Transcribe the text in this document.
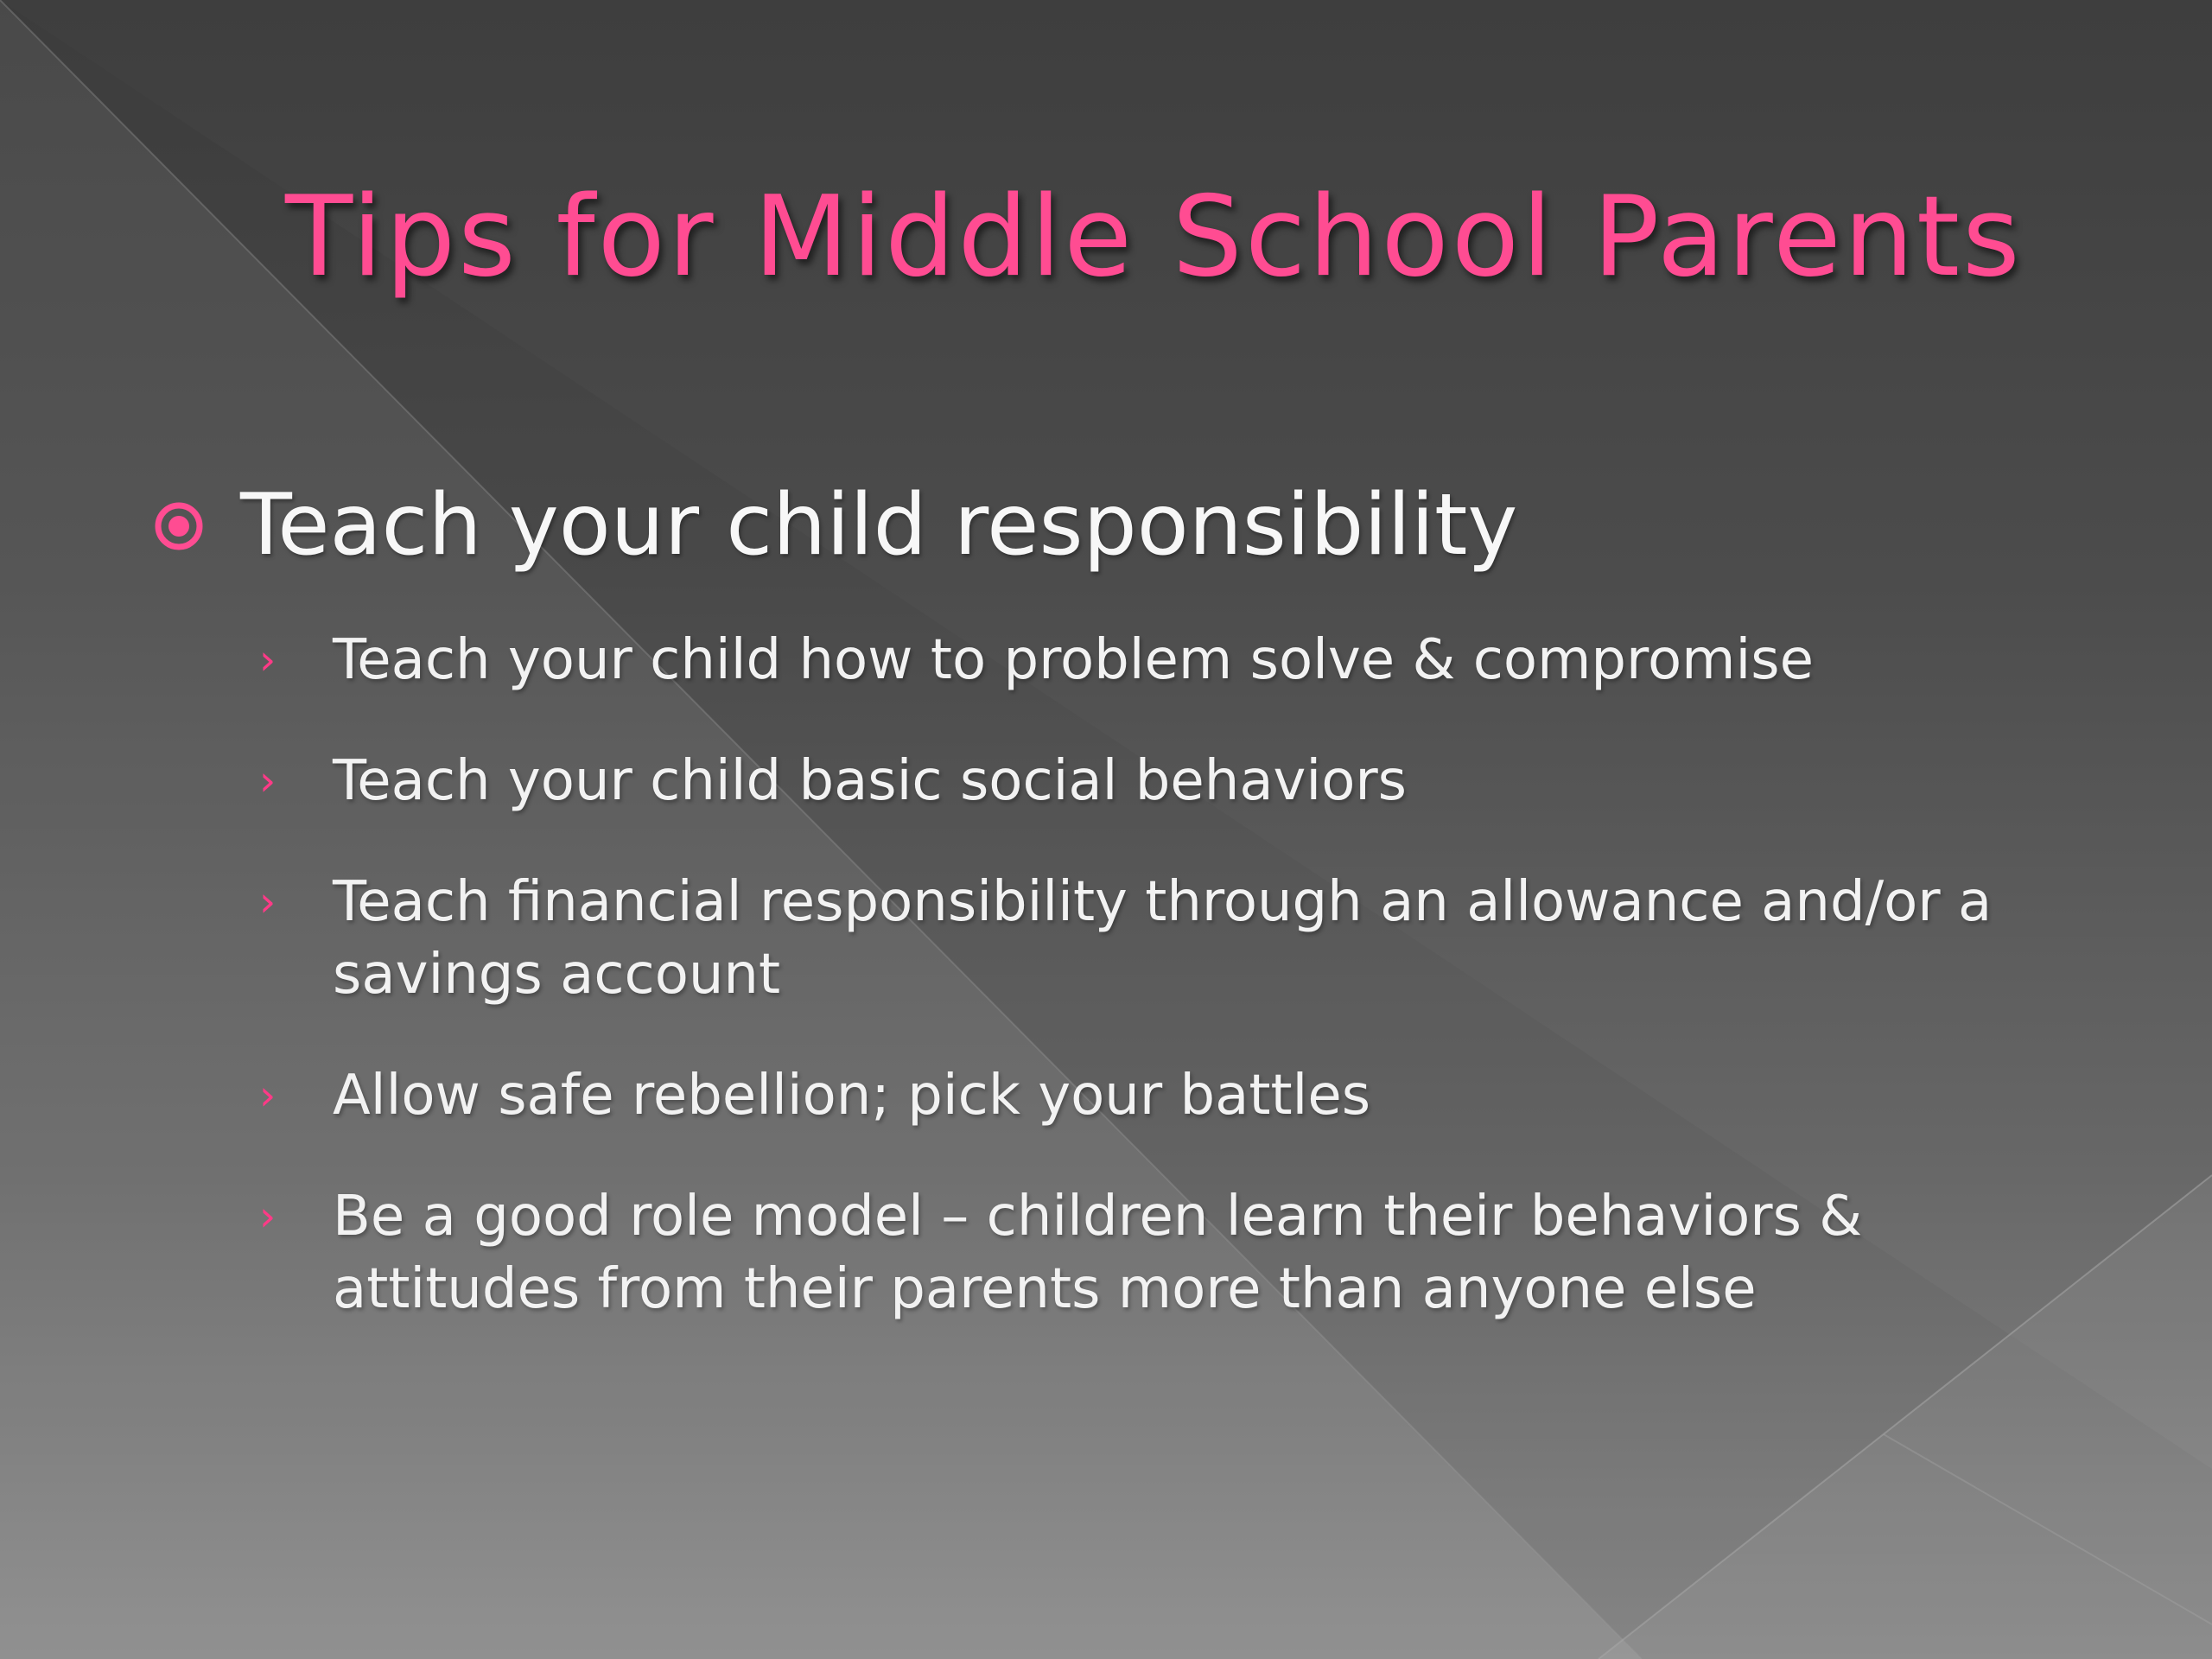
Tips for Middle School Parents
Teach your child responsibility
› Teach your child how to problem solve & compromise
› Teach your child basic social behaviors
› Teach financial responsibility through an allowance and/or a savings account
› Allow safe rebellion; pick your battles
› Be a good role model – children learn their behaviors & attitudes from their parents more than anyone else
